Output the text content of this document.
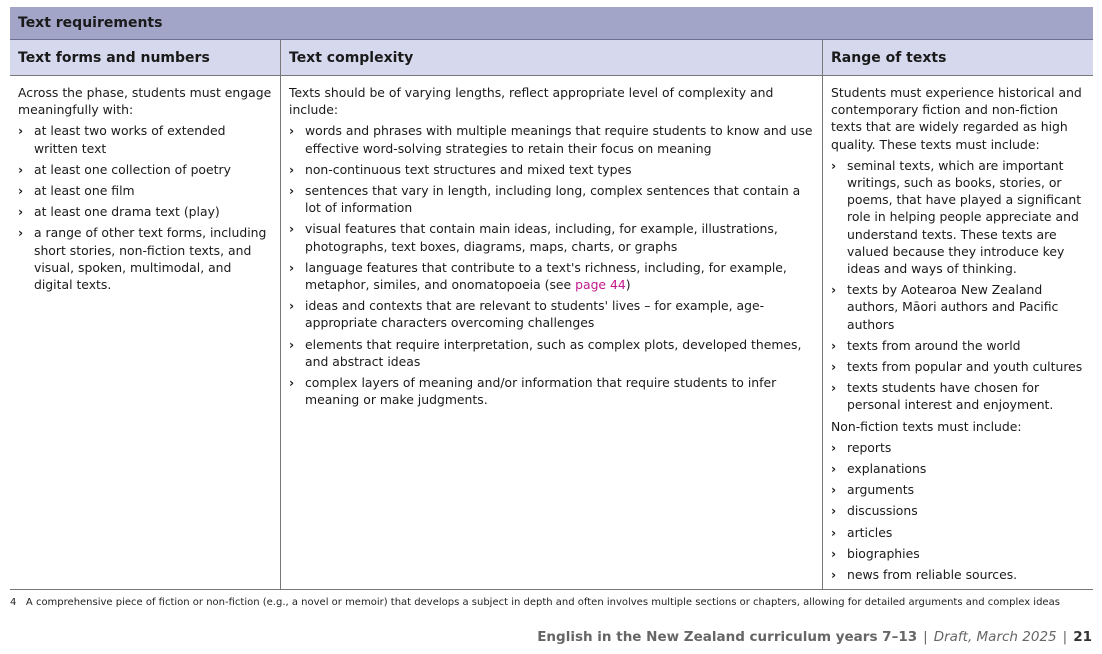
Text requirements
Text forms and numbers

Across the phase, students must engage meaningfully with:

› at least two works of extended written text
› at least one collection of poetry
› at least one film
› at least one drama text (play)
› a range of other text forms, including short stories, non-fiction texts, and visual, spoken, multimodal, and digital texts.
Text complexity

Texts should be of varying lengths, reflect appropriate level of complexity and include:

› words and phrases with multiple meanings that require students to know and use effective word-solving strategies to retain their focus on meaning
› non-continuous text structures and mixed text types
› sentences that vary in length, including long, complex sentences that contain a lot of information
› visual features that contain main ideas, including, for example, illustrations, photographs, text boxes, diagrams, maps, charts, or graphs
› language features that contribute to a text's richness, including, for example, metaphor, similes, and onomatopoeia (see page 44)
› ideas and contexts that are relevant to students' lives – for example, age-appropriate characters overcoming challenges
› elements that require interpretation, such as complex plots, developed themes, and abstract ideas
› complex layers of meaning and/or information that require students to infer meaning or make judgments.
Range of texts

Students must experience historical and contemporary fiction and non-fiction texts that are widely regarded as high quality. These texts must include:

› seminal texts, which are important writings, such as books, stories, or poems, that have played a significant role in helping people appreciate and understand texts. These texts are valued because they introduce key ideas and ways of thinking.
› texts by Aotearoa New Zealand authors, Māori authors and Pacific authors
› texts from around the world
› texts from popular and youth cultures
› texts students have chosen for personal interest and enjoyment.

Non-fiction texts must include:

› reports
› explanations
› arguments
› discussions
› articles
› biographies
› news from reliable sources.
4 A comprehensive piece of fiction or non-fiction (e.g., a novel or memoir) that develops a subject in depth and often involves multiple sections or chapters, allowing for detailed arguments and complex ideas
English in the New Zealand curriculum years 7–13 | Draft, March 2025 | 21
